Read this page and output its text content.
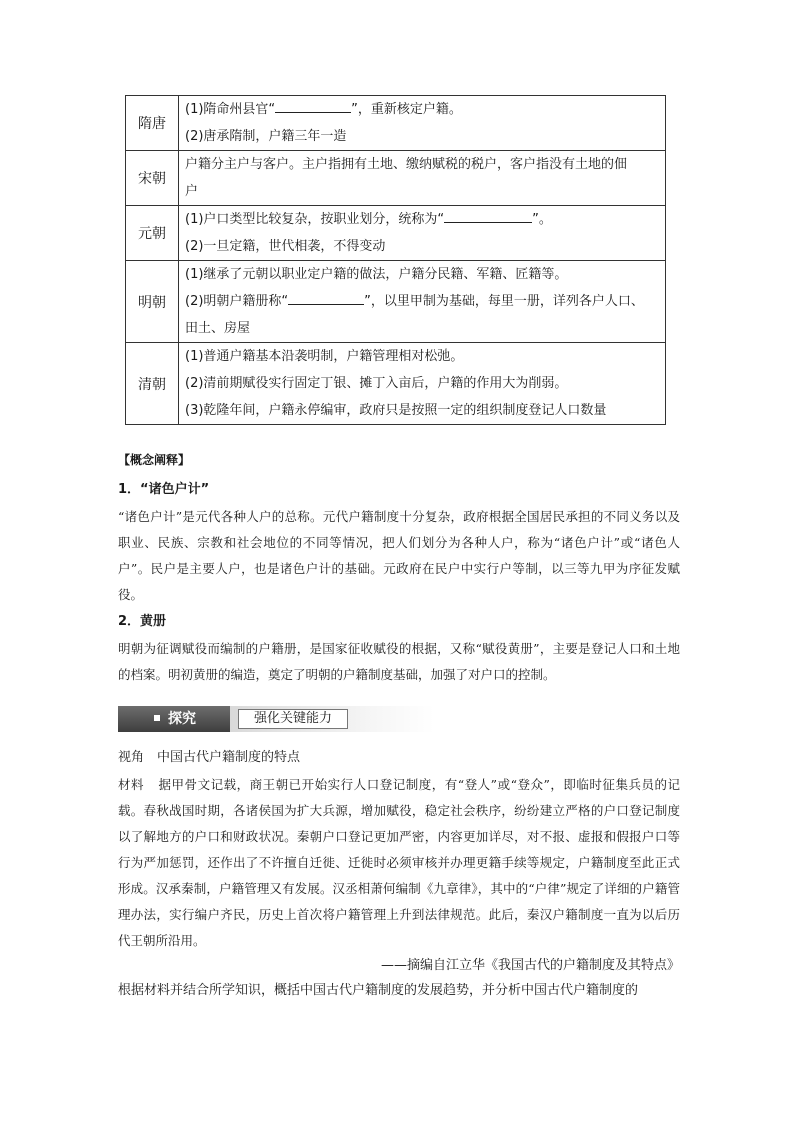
隋唐	(1)隋命州县官“ ”，重新核定户籍。
(2)唐承隋制，户籍三年一造

宋朝	户籍分主户与客户。主户指拥有土地、缴纳赋税的税户，客户指没有土地的佃
户

元朝	(1)户口类型比较复杂，按职业划分，统称为“ ”。
(2)一旦定籍，世代相袭，不得变动

明朝	(1)继承了元朝以职业定户籍的做法，户籍分民籍、军籍、匠籍等。
(2)明朝户籍册称“ ”，以里甲制为基础，每里一册，详列各户人口、
田土、房屋

清朝	(1)普通户籍基本沿袭明制，户籍管理相对松弛。
(2)清前期赋役实行固定丁银、摊丁入亩后，户籍的作用大为削弱。
(3)乾隆年间，户籍永停编审，政府只是按照一定的组织制度登记人口数量
【概念阐释】
1．“诸色户计”
“诸色户计”是元代各种人户的总称。元代户籍制度十分复杂，政府根据全国居民承担的不同义务以及职业、民族、宗教和社会地位的不同等情况，把人们划分为各种人户，称为“诸色户计”或“诸色人户”。民户是主要人户，也是诸色户计的基础。元政府在民户中实行户等制，以三等九甲为序征发赋役。
2．黄册
明朝为征调赋役而编制的户籍册，是国家征收赋役的根据，又称“赋役黄册”，主要是登记人口和土地的档案。明初黄册的编造，奠定了明朝的户籍制度基础，加强了对户口的控制。
探究	强化关键能力
视角　中国古代户籍制度的特点
材料 据甲骨文记载，商王朝已开始实行人口登记制度，有“登人”或“登众”，即临时征集兵员的记载。春秋战国时期，各诸侯国为扩大兵源，增加赋役，稳定社会秩序，纷纷建立严格的户口登记制度以了解地方的户口和财政状况。秦朝户口登记更加严密，内容更加详尽，对不报、虚报和假报户口等行为严加惩罚，还作出了不许擅自迁徙、迁徙时必须审核并办理更籍手续等规定，户籍制度至此正式形成。汉承秦制，户籍管理又有发展。汉丞相萧何编制《九章律》，其中的“户律”规定了详细的户籍管理办法，实行编户齐民，历史上首次将户籍管理上升到法律规范。此后，秦汉户籍制度一直为以后历代王朝所沿用。
——摘编自江立华《我国古代的户籍制度及其特点》
根据材料并结合所学知识，概括中国古代户籍制度的发展趋势，并分析中国古代户籍制度的
